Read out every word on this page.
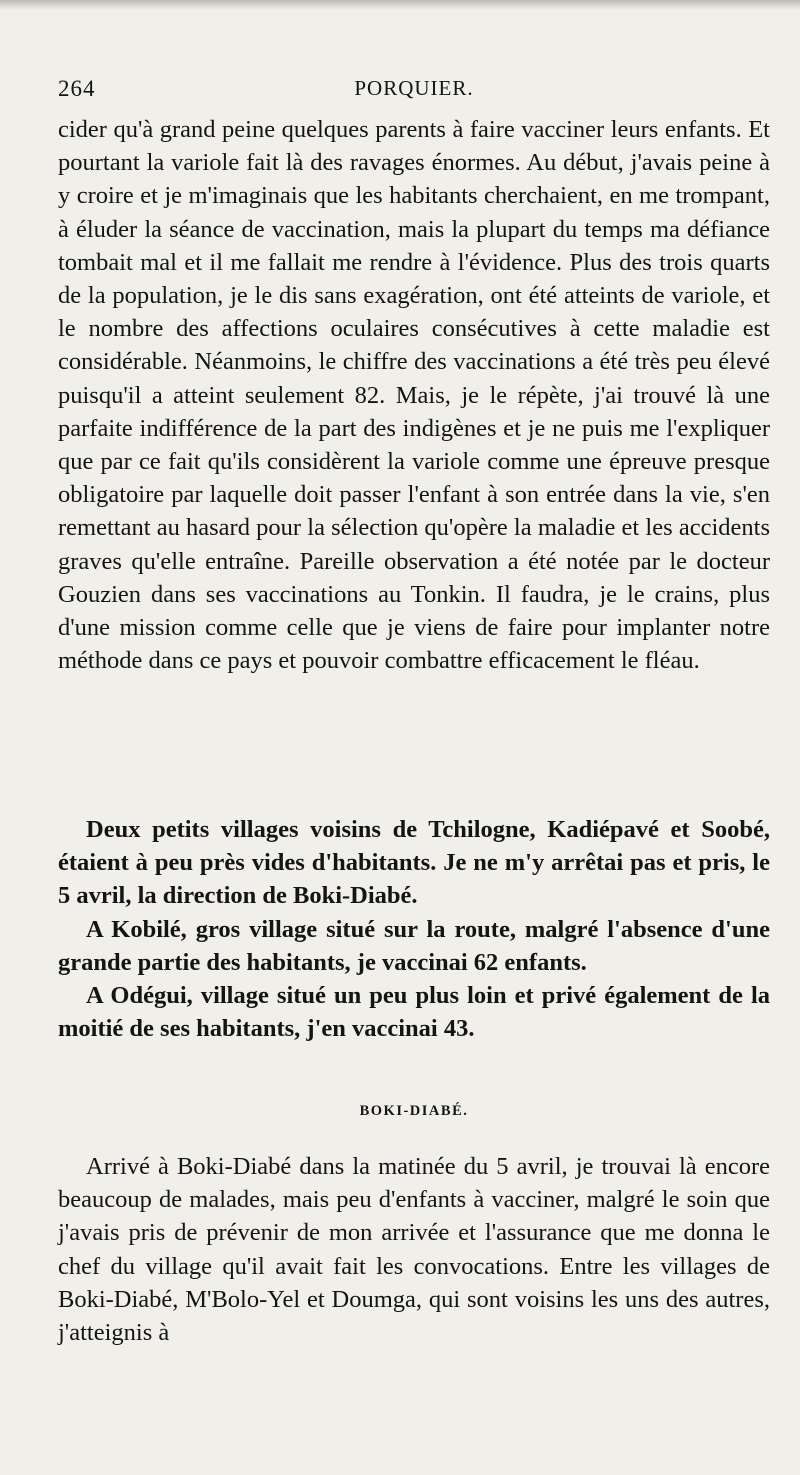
264	PORQUIER.

cider qu'à grand peine quelques parents à faire vacciner leurs enfants. Et pourtant la variole fait là des ravages énormes. Au début, j'avais peine à y croire et je m'imaginais que les habitants cherchaient, en me trompant, à éluder la séance de vaccination, mais la plupart du temps ma défiance tombait mal et il me fallait me rendre à l'évidence. Plus des trois quarts de la population, je le dis sans exagération, ont été atteints de variole, et le nombre des affections oculaires consécutives à cette maladie est considérable. Néanmoins, le chiffre des vaccinations a été très peu élevé puisqu'il a atteint seulement 82. Mais, je le répète, j'ai trouvé là une parfaite indifférence de la part des indigènes et je ne puis me l'expliquer que par ce fait qu'ils considèrent la variole comme une épreuve presque obligatoire par laquelle doit passer l'enfant à son entrée dans la vie, s'en remettant au hasard pour la sélection qu'opère la maladie et les accidents graves qu'elle entraîne. Pareille observation a été notée par le docteur Gouzien dans ses vaccinations au Tonkin. Il faudra, je le crains, plus d'une mission comme celle que je viens de faire pour implanter notre méthode dans ce pays et pouvoir combattre efficacement le fléau.

Deux petits villages voisins de Tchilogne, Kadiépavé et Soobé, étaient à peu près vides d'habitants. Je ne m'y arrêtai pas et pris, le 5 avril, la direction de Boki-Diabé.

A Kobilé, gros village situé sur la route, malgré l'absence d'une grande partie des habitants, je vaccinai 62 enfants.

A Odégui, village situé un peu plus loin et privé également de la moitié de ses habitants, j'en vaccinai 43.

BOKI-DIABÉ.

Arrivé à Boki-Diabé dans la matinée du 5 avril, je trouvai là encore beaucoup de malades, mais peu d'enfants à vacciner, malgré le soin que j'avais pris de prévenir de mon arrivée et l'assurance que me donna le chef du village qu'il avait fait les convocations. Entre les villages de Boki-Diabé, M'Bolo-Yel et Doumga, qui sont voisins les uns des autres, j'atteignis à
